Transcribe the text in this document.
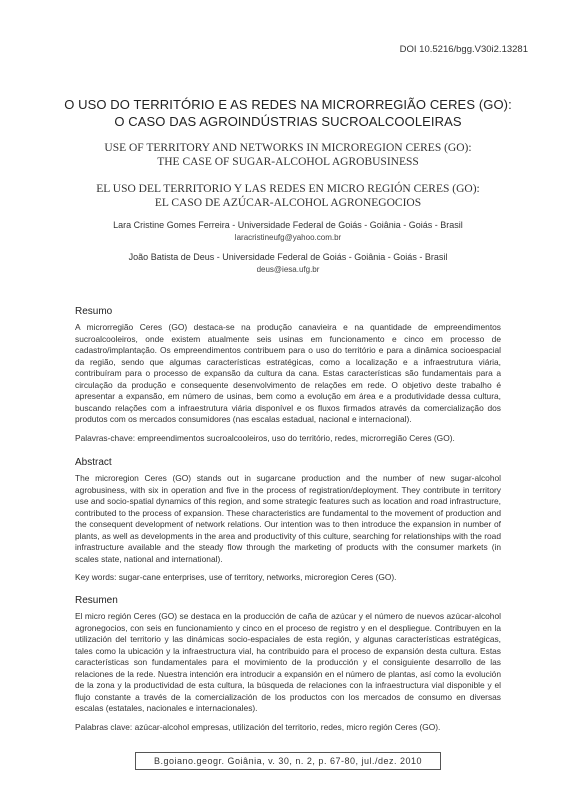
DOI 10.5216/bgg.V30i2.13281
O USO DO TERRITÓRIO E AS REDES NA MICRORREGIÃO CERES (GO):
O CASO DAS AGROINDÚSTRIAS SUCROALCOOLEIRAS
USE OF TERRITORY AND NETWORKS IN MICROREGION CERES (GO):
THE CASE OF SUGAR-ALCOHOL AGROBUSINESS
EL USO DEL TERRITORIO Y LAS REDES EN MICRO REGIÓN CERES (GO):
EL CASO DE AZÚCAR-ALCOHOL AGRONEGOCIOS
Lara Cristine Gomes Ferreira - Universidade Federal de Goiás - Goiânia - Goiás - Brasil
laracristineufg@yahoo.com.br
João Batista de Deus - Universidade Federal de Goiás - Goiânia - Goiás - Brasil
deus@iesa.ufg.br
Resumo

A microrregião Ceres (GO) destaca-se na produção canavieira e na quantidade de empreendimentos sucroalcooleiros, onde existem atualmente seis usinas em funcionamento e cinco em processo de cadastro/implantação. Os empreendimentos contribuem para o uso do território e para a dinâmica socioespacial da região, sendo que algumas características estratégicas, como a localização e a infraestrutura viária, contribuíram para o processo de expansão da cultura da cana. Estas características são fundamentais para a circulação da produção e consequente desenvolvimento de relações em rede. O objetivo deste trabalho é apresentar a expansão, em número de usinas, bem como a evolução em área e a produtividade dessa cultura, buscando relações com a infraestrutura viária disponível e os fluxos firmados através da comercialização dos produtos com os mercados consumidores (nas escalas estadual, nacional e internacional).

Palavras-chave: empreendimentos sucroalcooleiros, uso do território, redes, microrregião Ceres (GO).
Abstract

The microregion Ceres (GO) stands out in sugarcane production and the number of new sugar-alcohol agrobusiness, with six in operation and five in the process of registration/deployment. They contribute in territory use and socio-spatial dynamics of this region, and some strategic features such as location and road infrastructure, contributed to the process of expansion. These characteristics are fundamental to the movement of production and the consequent development of network relations. Our intention was to then introduce the expansion in number of plants, as well as developments in the area and productivity of this culture, searching for relationships with the road infrastructure available and the steady flow through the marketing of products with the consumer markets (in scales state, national and international).

Key words: sugar-cane enterprises, use of territory, networks, microregion Ceres (GO).
Resumen

El micro región Ceres (GO) se destaca en la producción de caña de azúcar y el número de nuevos azúcar-alcohol agronegocios, con seis en funcionamiento y cinco en el proceso de registro y en el despliegue. Contribuyen en la utilización del territorio y las dinámicas socio-espaciales de esta región, y algunas características estratégicas, tales como la ubicación y la infraestructura vial, ha contribuido para el proceso de expansión desta cultura. Estas características son fundamentales para el movimiento de la producción y el consiguiente desarrollo de las relaciones de la rede. Nuestra intención era introducir a expansión en el número de plantas, así como la evolución de la zona y la productividad de esta cultura, la búsqueda de relaciones con la infraestructura vial disponible y el flujo constante a través de la comercialización de los productos con los mercados de consumo en diversas escalas (estatales, nacionales e internacionales).

Palabras clave: azúcar-alcohol empresas, utilización del territorio, redes, micro región Ceres (GO).
B.goiano.geogr. Goiânia, v. 30, n. 2, p. 67-80, jul./dez. 2010
